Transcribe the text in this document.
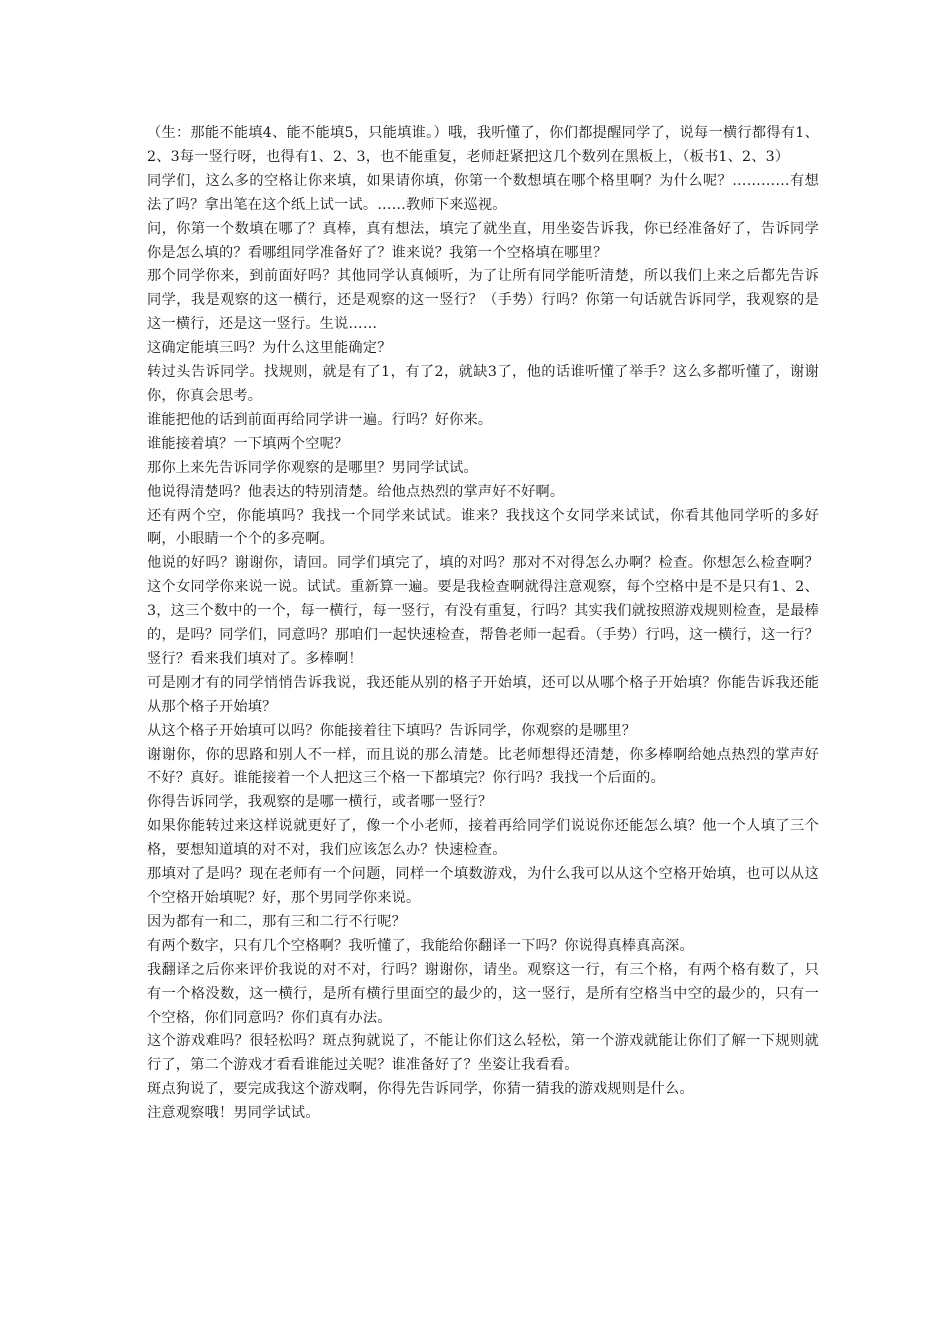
（生：那能不能填4、能不能填5，只能填谁。）哦，我听懂了，你们都提醒同学了，说每一横行都得有1、2、3每一竖行呀，也得有1、2、3，也不能重复，老师赶紧把这几个数列在黑板上，（板书1、2、3）

同学们，这么多的空格让你来填，如果请你填，你第一个数想填在哪个格里啊？为什么呢？…………有想法了吗？拿出笔在这个纸上试一试。……教师下来巡视。

问，你第一个数填在哪了？真棒，真有想法，填完了就坐直，用坐姿告诉我，你已经准备好了，告诉同学你是怎么填的？看哪组同学准备好了？谁来说？我第一个空格填在哪里？

那个同学你来，到前面好吗？其他同学认真倾听，为了让所有同学能听清楚，所以我们上来之后都先告诉同学，我是观察的这一横行，还是观察的这一竖行？（手势）行吗？你第一句话就告诉同学，我观察的是这一横行，还是这一竖行。生说……

这确定能填三吗？为什么这里能确定？

转过头告诉同学。找规则，就是有了1，有了2，就缺3了，他的话谁听懂了举手？这么多都听懂了，谢谢你，你真会思考。

谁能把他的话到前面再给同学讲一遍。行吗？好你来。

谁能接着填？一下填两个空呢？

那你上来先告诉同学你观察的是哪里？男同学试试。

他说得清楚吗？他表达的特别清楚。给他点热烈的掌声好不好啊。

还有两个空，你能填吗？我找一个同学来试试。谁来？我找这个女同学来试试，你看其他同学听的多好啊，小眼睛一个个的多亮啊。

他说的好吗？谢谢你，请回。同学们填完了，填的对吗？那对不对得怎么办啊？检查。你想怎么检查啊？这个女同学你来说一说。试试。重新算一遍。要是我检查啊就得注意观察，每个空格中是不是只有1、2、3，这三个数中的一个，每一横行，每一竖行，有没有重复，行吗？其实我们就按照游戏规则检查，是最棒的，是吗？同学们，同意吗？那咱们一起快速检查，帮鲁老师一起看。（手势）行吗，这一横行，这一行？竖行？看来我们填对了。多棒啊！

可是刚才有的同学悄悄告诉我说，我还能从别的格子开始填，还可以从哪个格子开始填？你能告诉我还能从那个格子开始填？

从这个格子开始填可以吗？你能接着往下填吗？告诉同学，你观察的是哪里？

谢谢你，你的思路和别人不一样，而且说的那么清楚。比老师想得还清楚，你多棒啊给她点热烈的掌声好不好？真好。谁能接着一个人把这三个格一下都填完？你行吗？我找一个后面的。

你得告诉同学，我观察的是哪一横行，或者哪一竖行？

如果你能转过来这样说就更好了，像一个小老师，接着再给同学们说说你还能怎么填？他一个人填了三个格，要想知道填的对不对，我们应该怎么办？快速检查。

那填对了是吗？现在老师有一个问题，同样一个填数游戏，为什么我可以从这个空格开始填，也可以从这个空格开始填呢？好，那个男同学你来说。

因为都有一和二，那有三和二行不行呢？

有两个数字，只有几个空格啊？我听懂了，我能给你翻译一下吗？你说得真棒真高深。

我翻译之后你来评价我说的对不对，行吗？谢谢你，请坐。观察这一行，有三个格，有两个格有数了，只有一个格没数，这一横行，是所有横行里面空的最少的，这一竖行，是所有空格当中空的最少的，只有一个空格，你们同意吗？你们真有办法。

这个游戏难吗？很轻松吗？斑点狗就说了，不能让你们这么轻松，第一个游戏就能让你们了解一下规则就行了，第二个游戏才看看谁能过关呢？谁准备好了？坐姿让我看看。

斑点狗说了，要完成我这个游戏啊，你得先告诉同学，你猜一猜我的游戏规则是什么。

注意观察哦！男同学试试。
